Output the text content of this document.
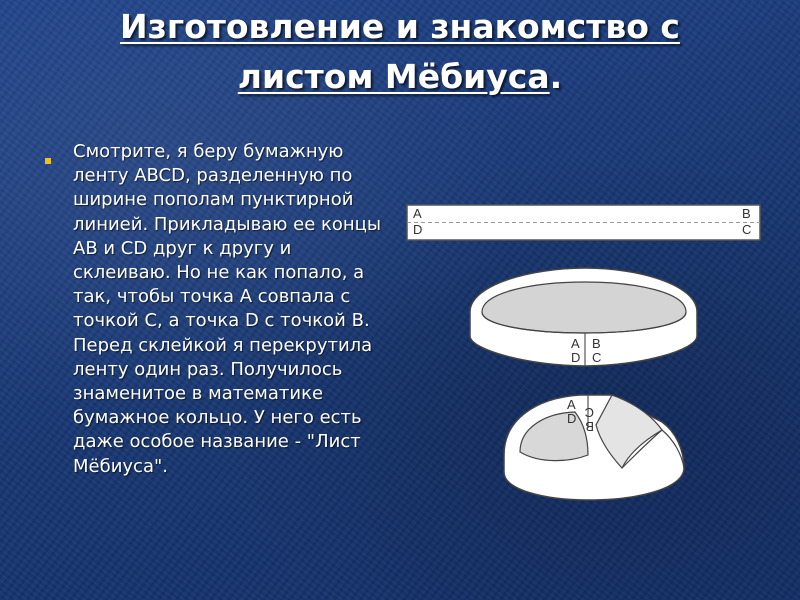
Изготовление и знакомство с
листом Мёбиуса.
Смотрите, я беру бумажную ленту ABCD, разделенную по ширине пополам пунктирной линией. Прикладываю ее концы AB и CD друг к другу и склеиваю. Но не как попало, а так, чтобы точка A совпала с точкой C, а точка D с точкой B. Перед склейкой я перекрутила ленту один раз. Получилось знаменитое в математике бумажное кольцо. У него есть даже особое название - "Лист Мёбиуса".
A
D
B
C
A
D
B
C
A
D C
B
